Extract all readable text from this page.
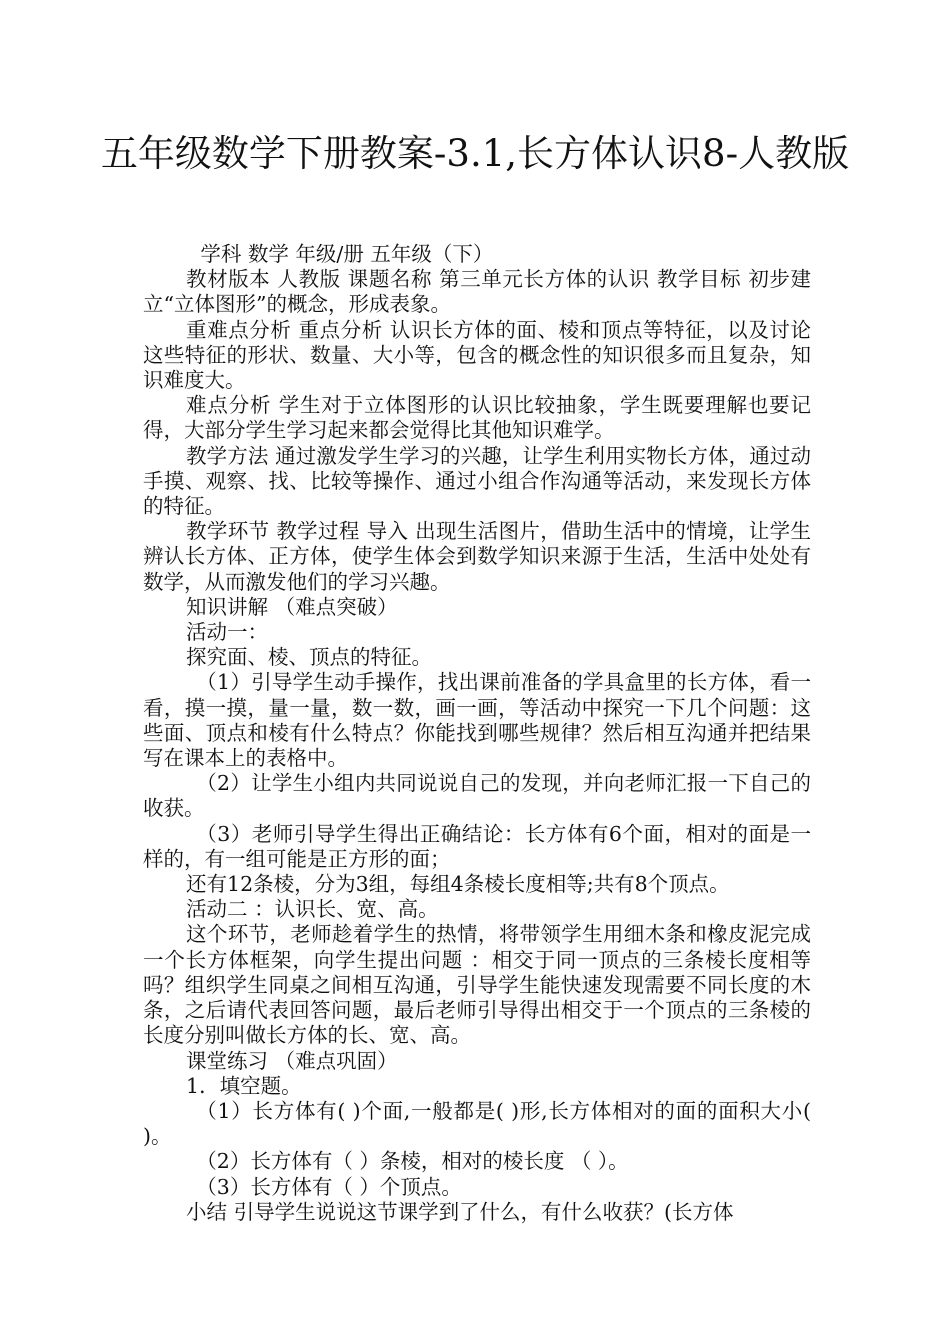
五年级数学下册教案-3.1,长方体认识8-人教版

学科 数学 年级/册 五年级（下）

教材版本 人教版 课题名称 第三单元长方体的认识 教学目标 初步建立“立体图形”的概念，形成表象。

重难点分析 重点分析 认识长方体的面、棱和顶点等特征，以及讨论这些特征的形状、数量、大小等，包含的概念性的知识很多而且复杂，知识难度大。

难点分析 学生对于立体图形的认识比较抽象，学生既要理解也要记得，大部分学生学习起来都会觉得比其他知识难学。

教学方法 通过激发学生学习的兴趣，让学生利用实物长方体，通过动手摸、观察、找、比较等操作、通过小组合作沟通等活动，来发现长方体的特征。

教学环节 教学过程 导入 出现生活图片，借助生活中的情境，让学生辨认长方体、正方体，使学生体会到数学知识来源于生活，生活中处处有数学，从而激发他们的学习兴趣。

知识讲解 （难点突破）

活动一：

探究面、棱、顶点的特征。

（1）引导学生动手操作，找出课前准备的学具盒里的长方体，看一看，摸一摸，量一量，数一数，画一画，等活动中探究一下几个问题：这些面、顶点和棱有什么特点？你能找到哪些规律？然后相互沟通并把结果写在课本上的表格中。

（2）让学生小组内共同说说自己的发现，并向老师汇报一下自己的收获。

（3）老师引导学生得出正确结论：长方体有6个面，相对的面是一样的，有一组可能是正方形的面；

还有12条棱，分为3组，每组4条棱长度相等;共有8个顶点。

活动二 ：认识长、宽、高。

这个环节，老师趁着学生的热情，将带领学生用细木条和橡皮泥完成一个长方体框架，向学生提出问题 ：相交于同一顶点的三条棱长度相等吗？组织学生同桌之间相互沟通，引导学生能快速发现需要不同长度的木条，之后请代表回答问题，最后老师引导得出相交于一个顶点的三条棱的长度分别叫做长方体的长、宽、高。

课堂练习 （难点巩固）

1．填空题。

（1）长方体有( )个面,一般都是( )形,长方体相对的面的面积大小( )。

（2）长方体有（ ）条棱，相对的棱长度 （ ）。

（3）长方体有（ ）个顶点。

小结 引导学生说说这节课学到了什么，有什么收获？(长方体
